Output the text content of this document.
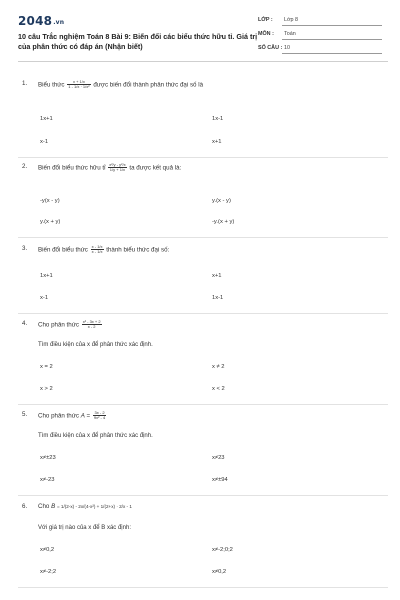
2048.vn
10 câu Trắc nghiệm Toán 8 Bài 9: Biến đổi các biểu thức hữu tỉ. Giá trị của phân thức có đáp án (Nhận biết)
LỚP : Lớp 8
MÔN : Toán
SỐ CÂU : 10
1. Biểu thức $\frac{x + 1/x}{\text{1 - 1/x · 1/x²}}$ được biến đổi thành phân thức đại số là
1x+1	1x-1
x-1	x+1
2. Biến đổi biểu thức hữu tỉ $\frac{\text{x²/y - y²/x}}{1/y + 1/x}$ ta được kết quả là:
-y(x - y)	y.(x - y)
y.(x + y)	-y.(x + y)
3. Biến đổi biểu thức $\frac{x - 1/x}{x - 1/x}$ thành biểu thức đại số:
1x+1	x+1
x-1	1x-1
4. Cho phân thức $\frac{\text{x² - 3x + 2}}{x - 2}$
Tìm điều kiện của x để phân thức xác định.
x = 2	x ≠ 2
x > 2	x < 2
5. Cho phân thức $A = \frac{3x - 2}{\text{9x² - 4}}$
Tìm điều kiện của x để phân thức xác định.
x≠±23	x≠23
x≠-23	x≠±94
6. Cho B = 1/(2-x) - 2x/(4-x²) + 1/(2+x) · 2/x - 1
Với giá trị nào của x để B xác định:
x≠0,2	x≠-2;0;2
x≠-2;2	x≠0,2
